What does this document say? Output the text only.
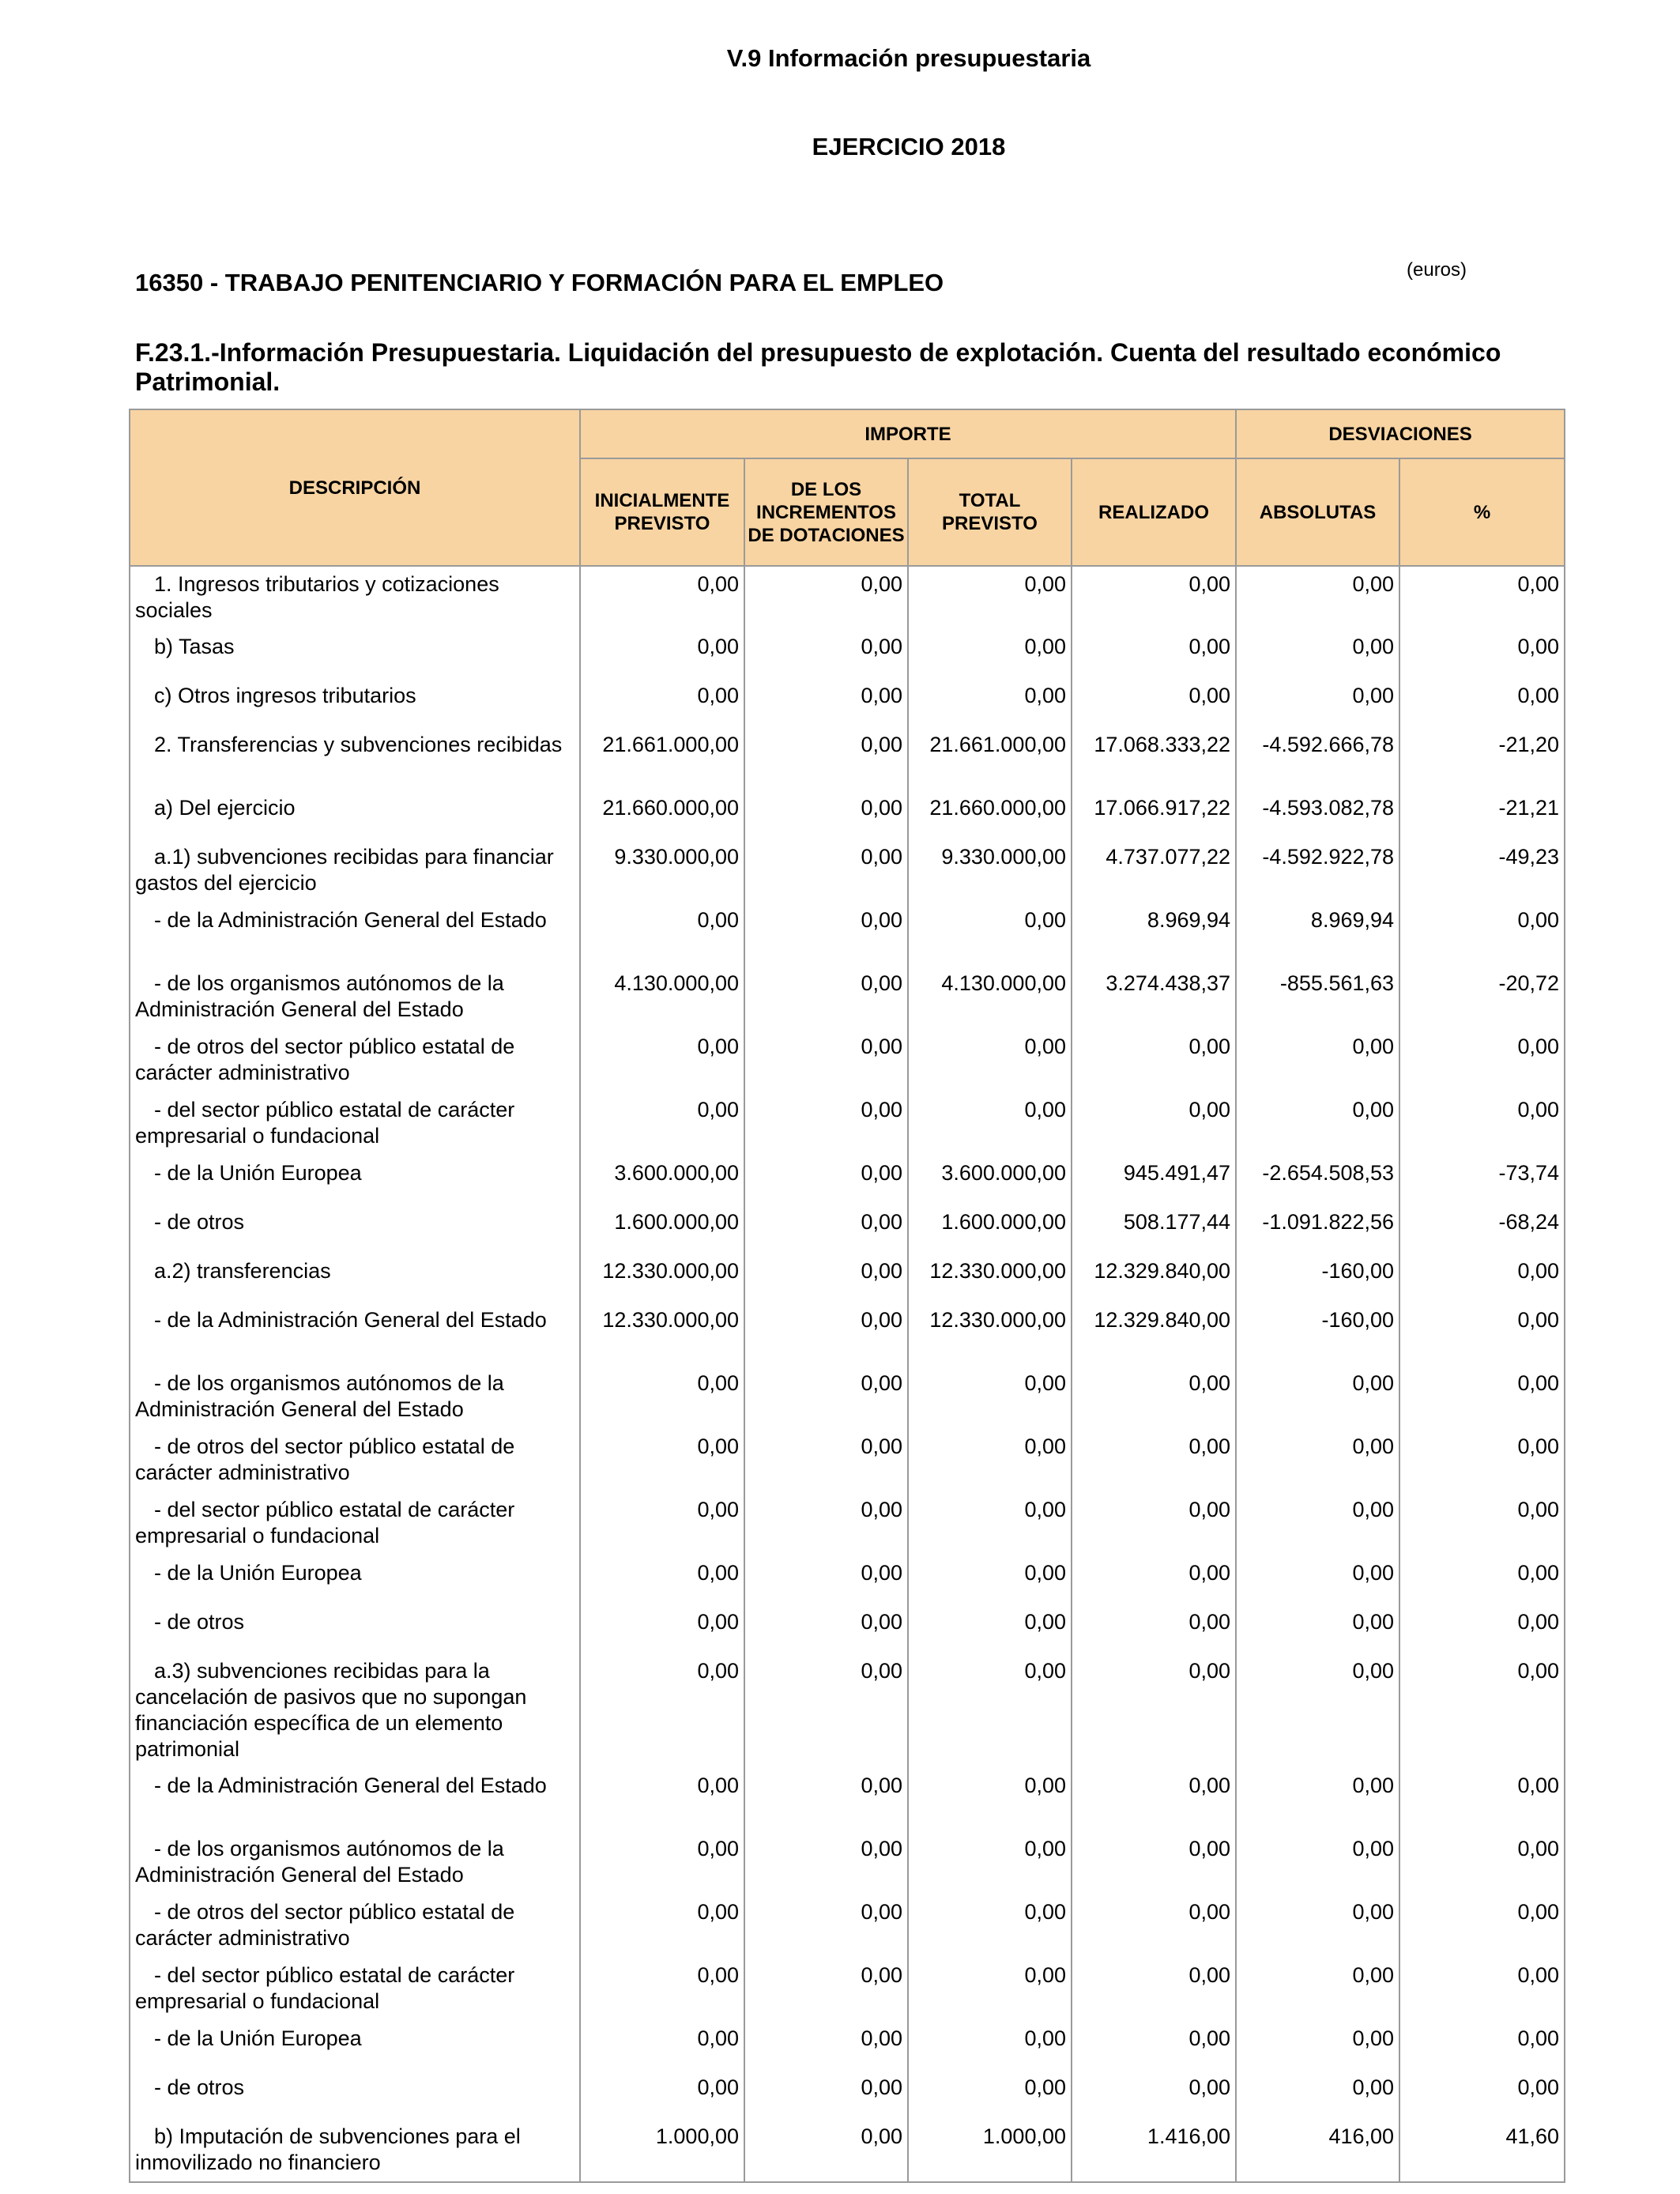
V.9 Información presupuestaria
EJERCICIO 2018
16350 - TRABAJO PENITENCIARIO Y FORMACIÓN PARA EL EMPLEO	(euros)
F.23.1.-Información Presupuestaria. Liquidación del presupuesto de explotación. Cuenta del resultado económico Patrimonial.
DESCRIPCIÓN	IMPORTE				DESVIACIONES	
	INICIALMENTE PREVISTO	DE LOS INCREMENTOS DE DOTACIONES	TOTAL PREVISTO	REALIZADO	ABSOLUTAS	%
1. Ingresos tributarios y cotizaciones sociales	0,00	0,00	0,00	0,00	0,00	0,00
b) Tasas	0,00	0,00	0,00	0,00	0,00	0,00
c) Otros ingresos tributarios	0,00	0,00	0,00	0,00	0,00	0,00
2. Transferencias y subvenciones recibidas	21.661.000,00	0,00	21.661.000,00	17.068.333,22	-4.592.666,78	-21,20
a) Del ejercicio	21.660.000,00	0,00	21.660.000,00	17.066.917,22	-4.593.082,78	-21,21
a.1) subvenciones recibidas para financiar gastos del ejercicio	9.330.000,00	0,00	9.330.000,00	4.737.077,22	-4.592.922,78	-49,23
- de la Administración General del Estado	0,00	0,00	0,00	8.969,94	8.969,94	0,00
- de los organismos autónomos de la Administración General del Estado	4.130.000,00	0,00	4.130.000,00	3.274.438,37	-855.561,63	-20,72
- de otros del sector público estatal de carácter administrativo	0,00	0,00	0,00	0,00	0,00	0,00
- del sector público estatal de carácter empresarial o fundacional	0,00	0,00	0,00	0,00	0,00	0,00
- de la Unión Europea	3.600.000,00	0,00	3.600.000,00	945.491,47	-2.654.508,53	-73,74
- de otros	1.600.000,00	0,00	1.600.000,00	508.177,44	-1.091.822,56	-68,24
a.2) transferencias	12.330.000,00	0,00	12.330.000,00	12.329.840,00	-160,00	0,00
- de la Administración General del Estado	12.330.000,00	0,00	12.330.000,00	12.329.840,00	-160,00	0,00
- de los organismos autónomos de la Administración General del Estado	0,00	0,00	0,00	0,00	0,00	0,00
- de otros del sector público estatal de carácter administrativo	0,00	0,00	0,00	0,00	0,00	0,00
- del sector público estatal de carácter empresarial o fundacional	0,00	0,00	0,00	0,00	0,00	0,00
- de la Unión Europea	0,00	0,00	0,00	0,00	0,00	0,00
- de otros	0,00	0,00	0,00	0,00	0,00	0,00
a.3) subvenciones recibidas para la cancelación de pasivos que no supongan financiación específica de un elemento patrimonial	0,00	0,00	0,00	0,00	0,00	0,00
- de la Administración General del Estado	0,00	0,00	0,00	0,00	0,00	0,00
- de los organismos autónomos de la Administración General del Estado	0,00	0,00	0,00	0,00	0,00	0,00
- de otros del sector público estatal de carácter administrativo	0,00	0,00	0,00	0,00	0,00	0,00
- del sector público estatal de carácter empresarial o fundacional	0,00	0,00	0,00	0,00	0,00	0,00
- de la Unión Europea	0,00	0,00	0,00	0,00	0,00	0,00
- de otros	0,00	0,00	0,00	0,00	0,00	0,00
b) Imputación de subvenciones para el inmovilizado no financiero	1.000,00	0,00	1.000,00	1.416,00	416,00	41,60
